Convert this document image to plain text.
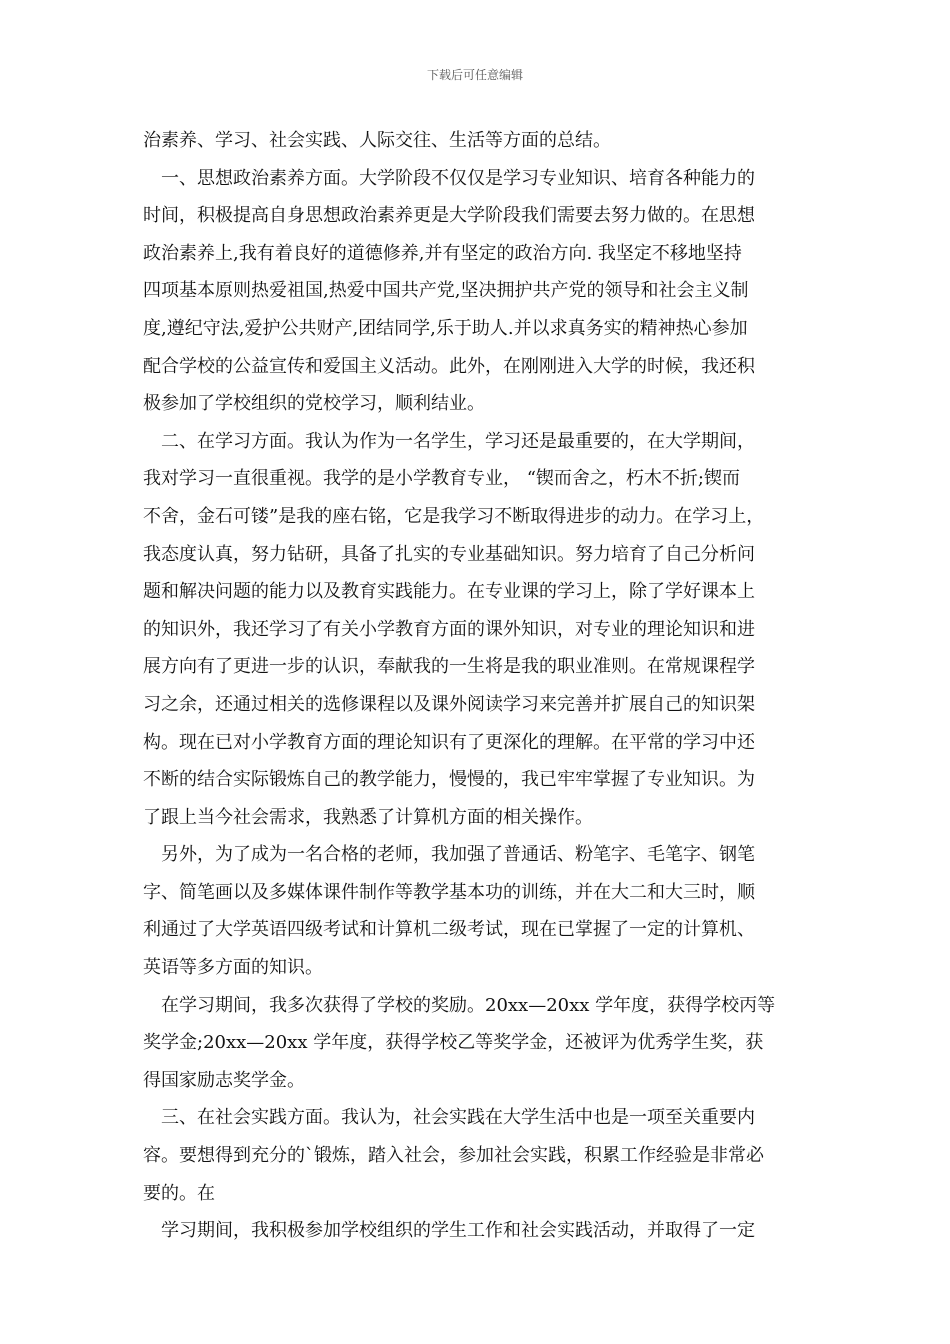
下载后可任意编辑
治素养、学习、社会实践、人际交往、生活等方面的总结。
一、思想政治素养方面。大学阶段不仅仅是学习专业知识、培育各种能力的
时间，积极提高自身思想政治素养更是大学阶段我们需要去努力做的。在思想
政治素养上,我有着良好的道德修养,并有坚定的政治方向. 我坚定不移地坚持
四项基本原则热爱祖国,热爱中国共产党,坚决拥护共产党的领导和社会主义制
度,遵纪守法,爱护公共财产,团结同学,乐于助人.并以求真务实的精神热心参加
配合学校的公益宣传和爱国主义活动。此外，在刚刚进入大学的时候，我还积
极参加了学校组织的党校学习，顺利结业。
二、在学习方面。我认为作为一名学生，学习还是最重要的，在大学期间，
我对学习一直很重视。我学的是小学教育专业， “锲而舍之，朽木不折;锲而
不舍，金石可镂”是我的座右铭，它是我学习不断取得进步的动力。在学习上，
我态度认真，努力钻研，具备了扎实的专业基础知识。努力培育了自己分析问
题和解决问题的能力以及教育实践能力。在专业课的学习上，除了学好课本上
的知识外，我还学习了有关小学教育方面的课外知识，对专业的理论知识和进
展方向有了更进一步的认识，奉献我的一生将是我的职业准则。在常规课程学
习之余，还通过相关的选修课程以及课外阅读学习来完善并扩展自己的知识架
构。现在已对小学教育方面的理论知识有了更深化的理解。在平常的学习中还
不断的结合实际锻炼自己的教学能力，慢慢的，我已牢牢掌握了专业知识。为
了跟上当今社会需求，我熟悉了计算机方面的相关操作。
另外，为了成为一名合格的老师，我加强了普通话、粉笔字、毛笔字、钢笔
字、简笔画以及多媒体课件制作等教学基本功的训练，并在大二和大三时，顺
利通过了大学英语四级考试和计算机二级考试，现在已掌握了一定的计算机、
英语等多方面的知识。
在学习期间，我多次获得了学校的奖励。20xx—20xx 学年度，获得学校丙等
奖学金;20xx—20xx 学年度，获得学校乙等奖学金，还被评为优秀学生奖，获
得国家励志奖学金。
三、在社会实践方面。我认为，社会实践在大学生活中也是一项至关重要内
容。要想得到充分的`锻炼，踏入社会，参加社会实践，积累工作经验是非常必
要的。在
学习期间，我积极参加学校组织的学生工作和社会实践活动，并取得了一定
